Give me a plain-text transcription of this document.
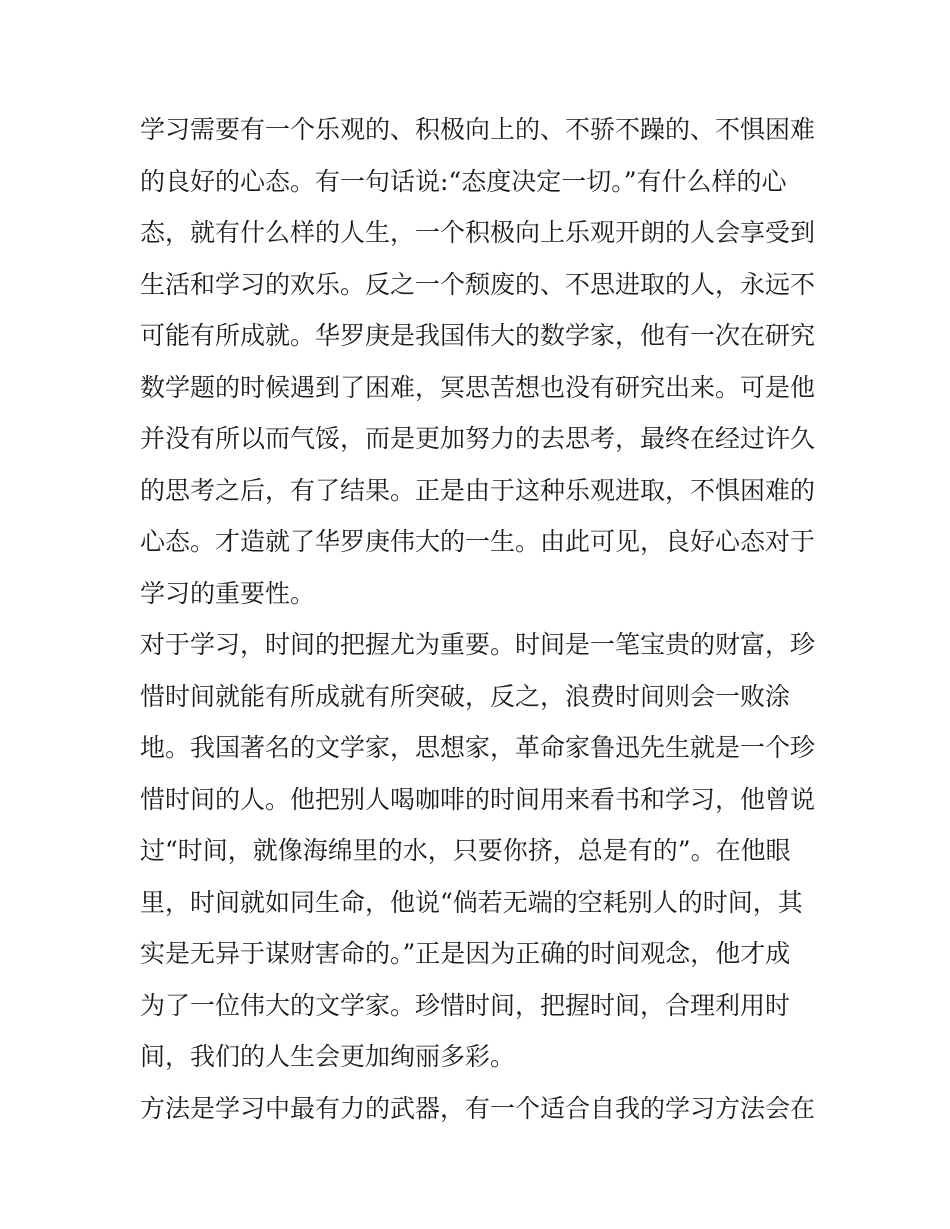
学习需要有一个乐观的、积极向上的、不骄不躁的、不惧困难
的良好的心态。有一句话说:“态度决定一切。”有什么样的心
态，就有什么样的人生，一个积极向上乐观开朗的人会享受到
生活和学习的欢乐。反之一个颓废的、不思进取的人，永远不
可能有所成就。华罗庚是我国伟大的数学家，他有一次在研究
数学题的时候遇到了困难，冥思苦想也没有研究出来。可是他
并没有所以而气馁，而是更加努力的去思考，最终在经过许久
的思考之后，有了结果。正是由于这种乐观进取，不惧困难的
心态。才造就了华罗庚伟大的一生。由此可见，良好心态对于
学习的重要性。
对于学习，时间的把握尤为重要。时间是一笔宝贵的财富，珍
惜时间就能有所成就有所突破，反之，浪费时间则会一败涂
地。我国著名的文学家，思想家，革命家鲁迅先生就是一个珍
惜时间的人。他把别人喝咖啡的时间用来看书和学习，他曾说
过“时间，就像海绵里的水，只要你挤，总是有的”。在他眼
里，时间就如同生命，他说“倘若无端的空耗别人的时间，其
实是无异于谋财害命的。”正是因为正确的时间观念，他才成
为了一位伟大的文学家。珍惜时间，把握时间，合理利用时
间，我们的人生会更加绚丽多彩。
方法是学习中最有力的武器，有一个适合自我的学习方法会在
